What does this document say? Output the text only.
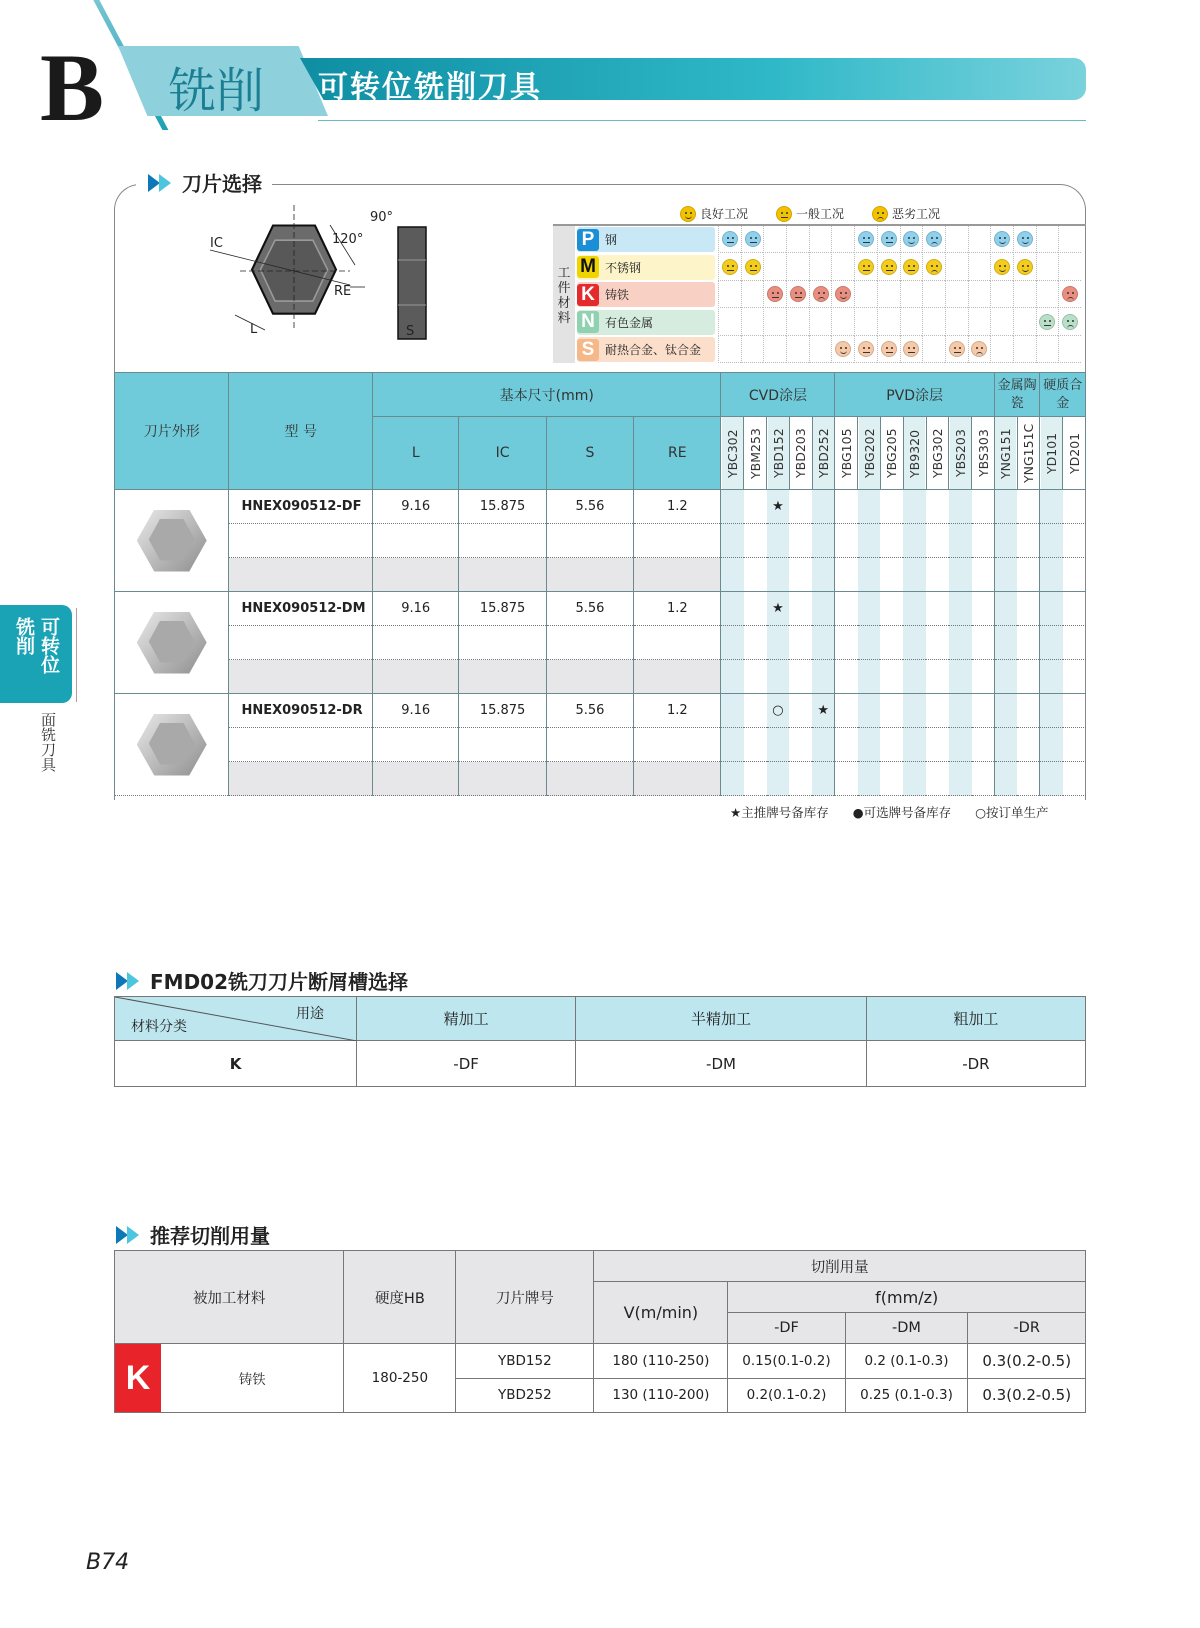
B 铣削 可转位铣削刀具
可转位
铣削
面铣刀具
刀片选择
IC	120°
RE
L
90°
S
良好工况	一般工况	恶劣工况
工件材料
P 钢
M 不锈钢
K 铸铁
N 有色金属
S 耐热合金、钛合金
刀片外形	型 号	基本尺寸(mm)				CVD涂层					PVD涂层							金属陶瓷		硬质合金	
		L	IC	S	RE	YBC302	YBM253	YBD152	YBD203	YBD252	YBG105	YBG202	YBG205	YB9320	YBG302	YBS203	YBS303	YNG151	YNG151C	YD101	YD201

	HNEX090512-DF	9.16	15.875	5.56	1.2			★													

	HNEX090512-DM	9.16	15.875	5.56	1.2			★													

	HNEX090512-DR	9.16	15.875	5.56	1.2			○		★											

★主推牌号备库存 ●可选牌号备库存 ○按订单生产
FMD02铣刀刀片断屑槽选择
用途
材料分类	精加工	半精加工	粗加工
K	-DF	-DM	-DR
推荐切削用量
被加工材料		硬度HB	刀片牌号	切削用量			
				V(m/min)	f(mm/z)		
					-DF	-DM	-DR

K	铸铁	180-250	YBD152	180 (110-250)	0.15(0.1-0.2)	0.2 (0.1-0.3)	0.3(0.2-0.5)
			YBD252	130 (110-200)	0.2(0.1-0.2)	0.25 (0.1-0.3)	0.3(0.2-0.5)
B74
